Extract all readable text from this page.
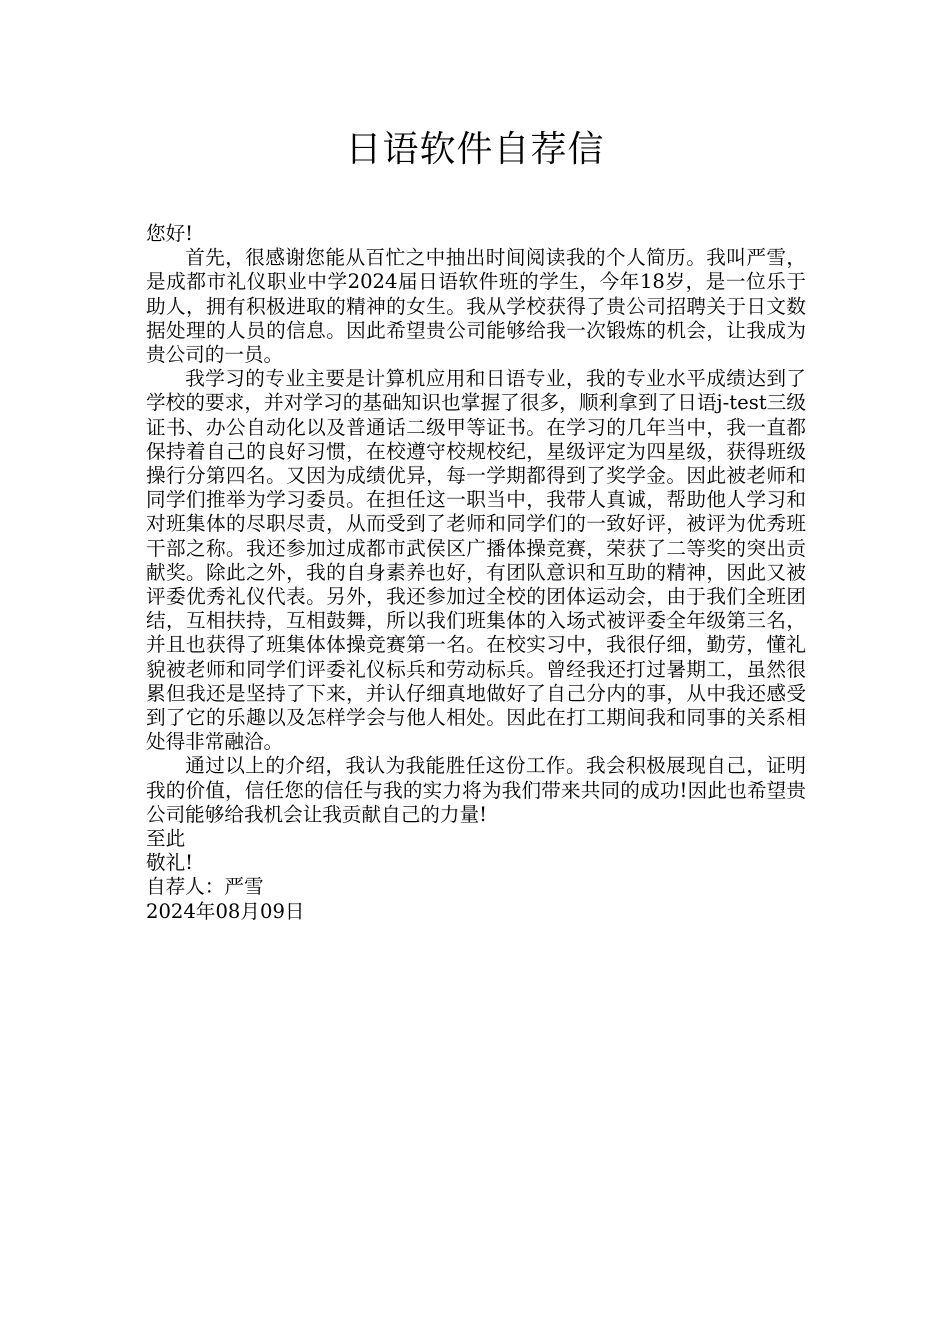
日语软件自荐信

您好!

首先，很感谢您能从百忙之中抽出时间阅读我的个人简历。我叫严雪，是成都市礼仪职业中学2024届日语软件班的学生，今年18岁，是一位乐于助人，拥有积极进取的精神的女生。我从学校获得了贵公司招聘关于日文数据处理的人员的信息。因此希望贵公司能够给我一次锻炼的机会，让我成为贵公司的一员。

我学习的专业主要是计算机应用和日语专业，我的专业水平成绩达到了学校的要求，并对学习的基础知识也掌握了很多，顺利拿到了日语j-test三级证书、办公自动化以及普通话二级甲等证书。在学习的几年当中，我一直都保持着自己的良好习惯，在校遵守校规校纪，星级评定为四星级，获得班级操行分第四名。又因为成绩优异，每一学期都得到了奖学金。因此被老师和同学们推举为学习委员。在担任这一职当中，我带人真诚，帮助他人学习和对班集体的尽职尽责，从而受到了老师和同学们的一致好评，被评为优秀班干部之称。我还参加过成都市武侯区广播体操竞赛，荣获了二等奖的突出贡献奖。除此之外，我的自身素养也好，有团队意识和互助的精神，因此又被评委优秀礼仪代表。另外，我还参加过全校的团体运动会，由于我们全班团结，互相扶持，互相鼓舞，所以我们班集体的入场式被评委全年级第三名，并且也获得了班集体体操竞赛第一名。在校实习中，我很仔细，勤劳，懂礼貌被老师和同学们评委礼仪标兵和劳动标兵。曾经我还打过暑期工，虽然很累但我还是坚持了下来，并认仔细真地做好了自己分内的事，从中我还感受到了它的乐趣以及怎样学会与他人相处。因此在打工期间我和同事的关系相处得非常融洽。

通过以上的介绍，我认为我能胜任这份工作。我会积极展现自己，证明我的价值，信任您的信任与我的实力将为我们带来共同的成功!因此也希望贵公司能够给我机会让我贡献自己的力量!

至此

敬礼!

自荐人：严雪

2024年08月09日
